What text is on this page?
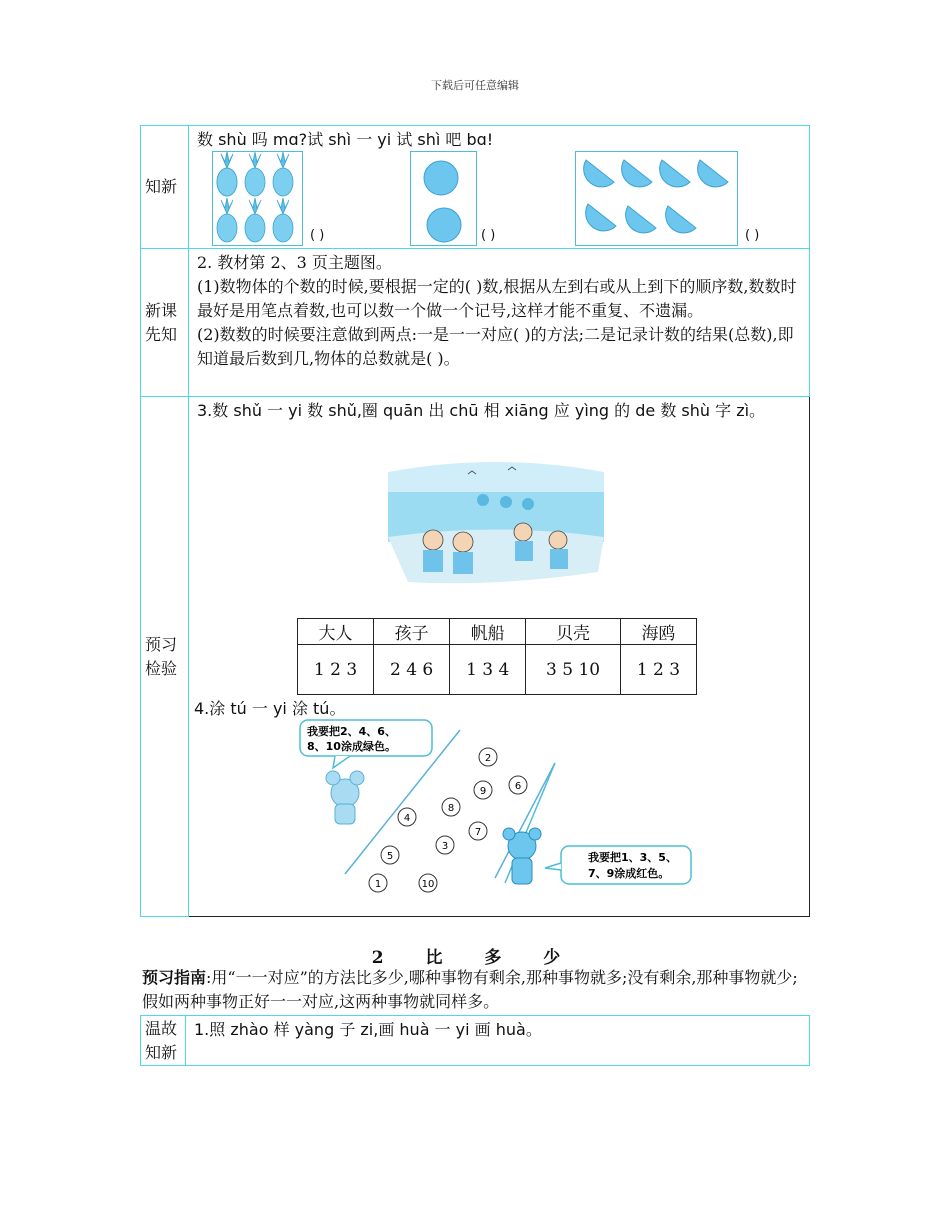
下载后可任意编辑
知新	数 shù 吗 mɑ?试 shì 一 yi 试 shì 吧 bɑ!

新课先知	2. 教材第 2、3 页主题图。
(1)数物体的个数的时候,要根据一定的( )数,根据从左到右或从上到下的顺序数,数数时最好是用笔点着数,也可以数一个做一个记号,这样才能不重复、不遗漏。
(2)数数的时候要注意做到两点:一是一一对应( )的方法;二是记录计数的结果(总数),即知道最后数到几,物体的总数就是( )。

预习检验	3.数 shǔ 一 yi 数 shǔ,圈 quān 出 chū 相 xiāng 应 yìng 的 de 数 shù 字 zì。
( )	( )	( )
大人	孩子	帆船	贝壳	海鸥
1 2 3	2 4 6	1 3 4	3 5 10	1 2 3
4.涂 tú 一 yi 涂 tú。
我要把2、4、6、
8、10涂成绿色。
2
9	6
8
4
7
3
5
1	10
我要把1、3、5、
7、9涂成红色。
2 比 多 少
预习指南:用“一一对应”的方法比多少,哪种事物有剩余,那种事物就多;没有剩余,那种事物就少;假如两种事物正好一一对应,这两种事物就同样多。
温故知新	1.照 zhào 样 yàng 子 zi,画 huà 一 yi 画 huà。
